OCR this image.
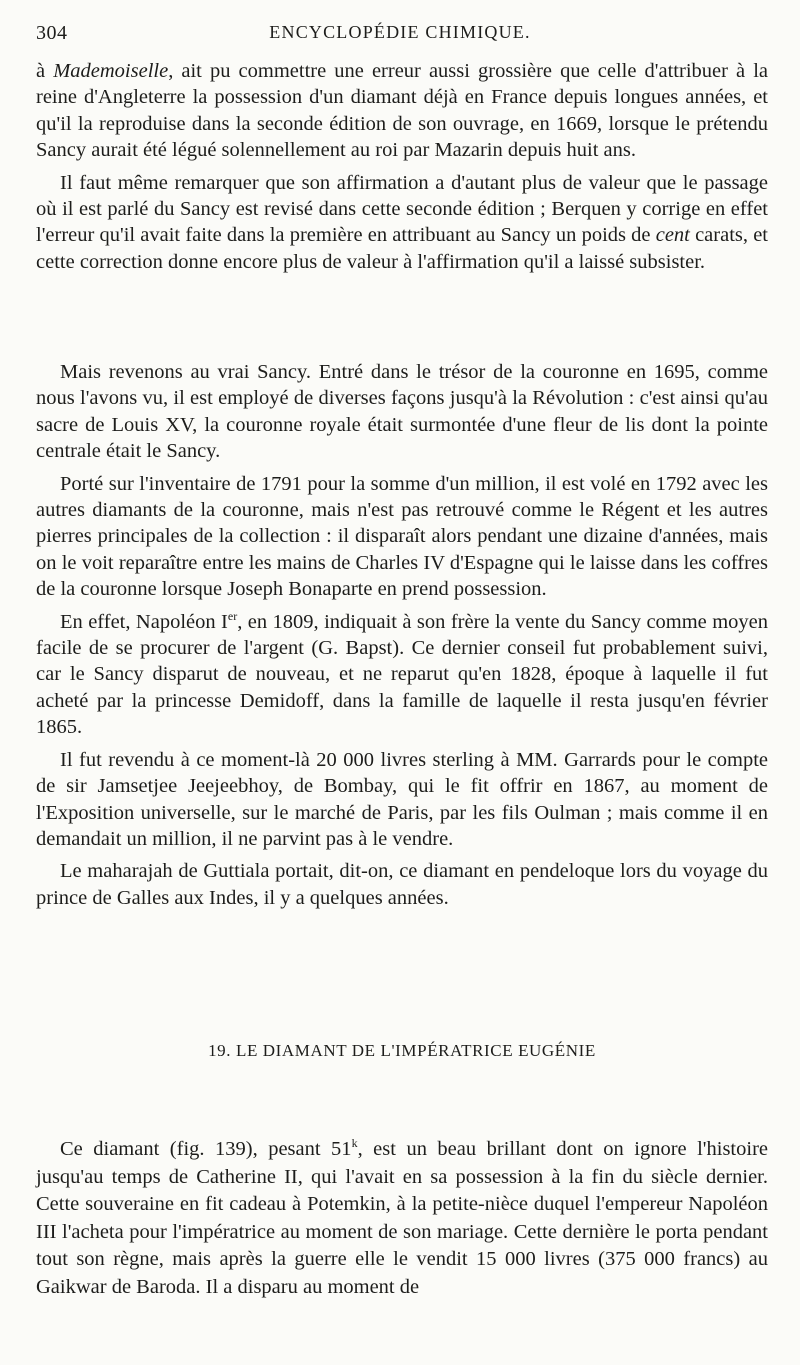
304	ENCYCLOPÉDIE CHIMIQUE.

à Mademoiselle, ait pu commettre une erreur aussi grossière que celle d'attribuer à la reine d'Angleterre la possession d'un diamant déjà en France depuis longues années, et qu'il la reproduise dans la seconde édition de son ouvrage, en 1669, lorsque le prétendu Sancy aurait été légué solennellement au roi par Mazarin depuis huit ans.

Il faut même remarquer que son affirmation a d'autant plus de valeur que le passage où il est parlé du Sancy est revisé dans cette seconde édition ; Berquen y corrige en effet l'erreur qu'il avait faite dans la première en attribuant au Sancy un poids de cent carats, et cette correction donne encore plus de valeur à l'affirmation qu'il a laissé subsister.

Mais revenons au vrai Sancy. Entré dans le trésor de la couronne en 1695, comme nous l'avons vu, il est employé de diverses façons jusqu'à la Révolution : c'est ainsi qu'au sacre de Louis XV, la couronne royale était surmontée d'une fleur de lis dont la pointe centrale était le Sancy.

Porté sur l'inventaire de 1791 pour la somme d'un million, il est volé en 1792 avec les autres diamants de la couronne, mais n'est pas retrouvé comme le Régent et les autres pierres principales de la collection : il disparaît alors pendant une dizaine d'années, mais on le voit reparaître entre les mains de Charles IV d'Espagne qui le laisse dans les coffres de la couronne lorsque Joseph Bonaparte en prend possession.

En effet, Napoléon Ier, en 1809, indiquait à son frère la vente du Sancy comme moyen facile de se procurer de l'argent (G. Bapst). Ce dernier conseil fut probablement suivi, car le Sancy disparut de nouveau, et ne reparut qu'en 1828, époque à laquelle il fut acheté par la princesse Demidoff, dans la famille de laquelle il resta jusqu'en février 1865.

Il fut revendu à ce moment-là 20 000 livres sterling à MM. Garrards pour le compte de sir Jamsetjee Jeejeebhoy, de Bombay, qui le fit offrir en 1867, au moment de l'Exposition universelle, sur le marché de Paris, par les fils Oulman ; mais comme il en demandait un million, il ne parvint pas à le vendre.

Le maharajah de Guttiala portait, dit-on, ce diamant en pendeloque lors du voyage du prince de Galles aux Indes, il y a quelques années.

19. LE DIAMANT DE L'IMPÉRATRICE EUGÉNIE

Ce diamant (fig. 139), pesant 51$^k$, est un beau brillant dont on ignore l'histoire jusqu'au temps de Catherine II, qui l'avait en sa possession à la fin du siècle dernier. Cette souveraine en fit cadeau à Potemkin, à la petite-nièce duquel l'empereur Napoléon III l'acheta pour l'impératrice au moment de son mariage. Cette dernière le porta pendant tout son règne, mais après la guerre elle le vendit 15 000 livres (375 000 francs) au Gaikwar de Baroda. Il a disparu au moment de
